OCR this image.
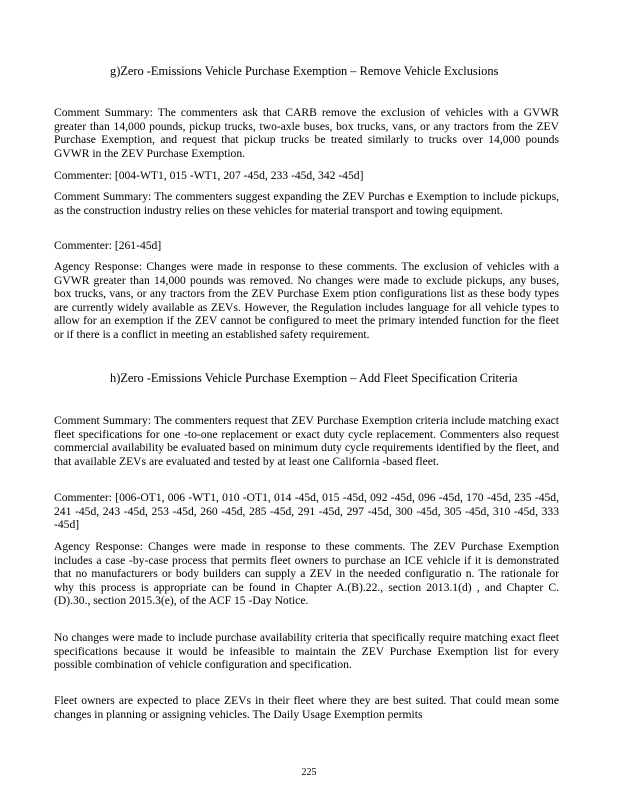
g)Zero -Emissions Vehicle Purchase Exemption – Remove Vehicle Exclusions
Comment Summary: The commenters ask that CARB remove the exclusion of vehicles with a GVWR greater than 14,000 pounds, pickup trucks, two-axle buses, box trucks, vans, or any tractors from the ZEV Purchase Exemption, and request that pickup trucks be treated similarly to trucks over 14,000 pounds GVWR in the ZEV Purchase Exemption.
Commenter: [004-WT1, 015 -WT1, 207 -45d, 233 -45d, 342 -45d]
Comment Summary: The commenters suggest expanding the ZEV Purchas e Exemption to include pickups, as the construction industry relies on these vehicles for material transport and towing equipment.
Commenter: [261-45d]
Agency Response: Changes were made in response to these comments. The exclusion of vehicles with a GVWR greater than 14,000 pounds was removed. No changes were made to exclude pickups, any buses, box trucks, vans, or any tractors from the ZEV Purchase Exem ption configurations list as these body types are currently widely available as ZEVs. However, the Regulation includes language for all vehicle types to allow for an exemption if the ZEV cannot be configured to meet the primary intended function for the fleet or if there is a conflict in meeting an established safety requirement.
h)Zero -Emissions Vehicle Purchase Exemption – Add Fleet Specification Criteria
Comment Summary: The commenters request that ZEV Purchase Exemption criteria include matching exact fleet specifications for one -to-one replacement or exact duty cycle replacement. Commenters also request commercial availability be evaluated based on minimum duty cycle requirements identified by the fleet, and that available ZEVs are evaluated and tested by at least one California -based fleet.
Commenter: [006-OT1, 006 -WT1, 010 -OT1, 014 -45d, 015 -45d, 092 -45d, 096 -45d, 170 -45d, 235 -45d, 241 -45d, 243 -45d, 253 -45d, 260 -45d, 285 -45d, 291 -45d, 297 -45d, 300 -45d, 305 -45d, 310 -45d, 333 -45d]
Agency Response: Changes were made in response to these comments. The ZEV Purchase Exemption includes a case -by-case process that permits fleet owners to purchase an ICE vehicle if it is demonstrated that no manufacturers or body builders can supply a ZEV in the needed configuratio n. The rationale for why this process is appropriate can be found in Chapter A.(B).22., section 2013.1(d) , and Chapter C.(D).30., section 2015.3(e), of the ACF 15 -Day Notice.
No changes were made to include purchase availability criteria that specifically require matching exact fleet specifications because it would be infeasible to maintain the ZEV Purchase Exemption list for every possible combination of vehicle configuration and specification.
Fleet owners are expected to place ZEVs in their fleet where they are best suited. That could mean some changes in planning or assigning vehicles. The Daily Usage Exemption permits
225
